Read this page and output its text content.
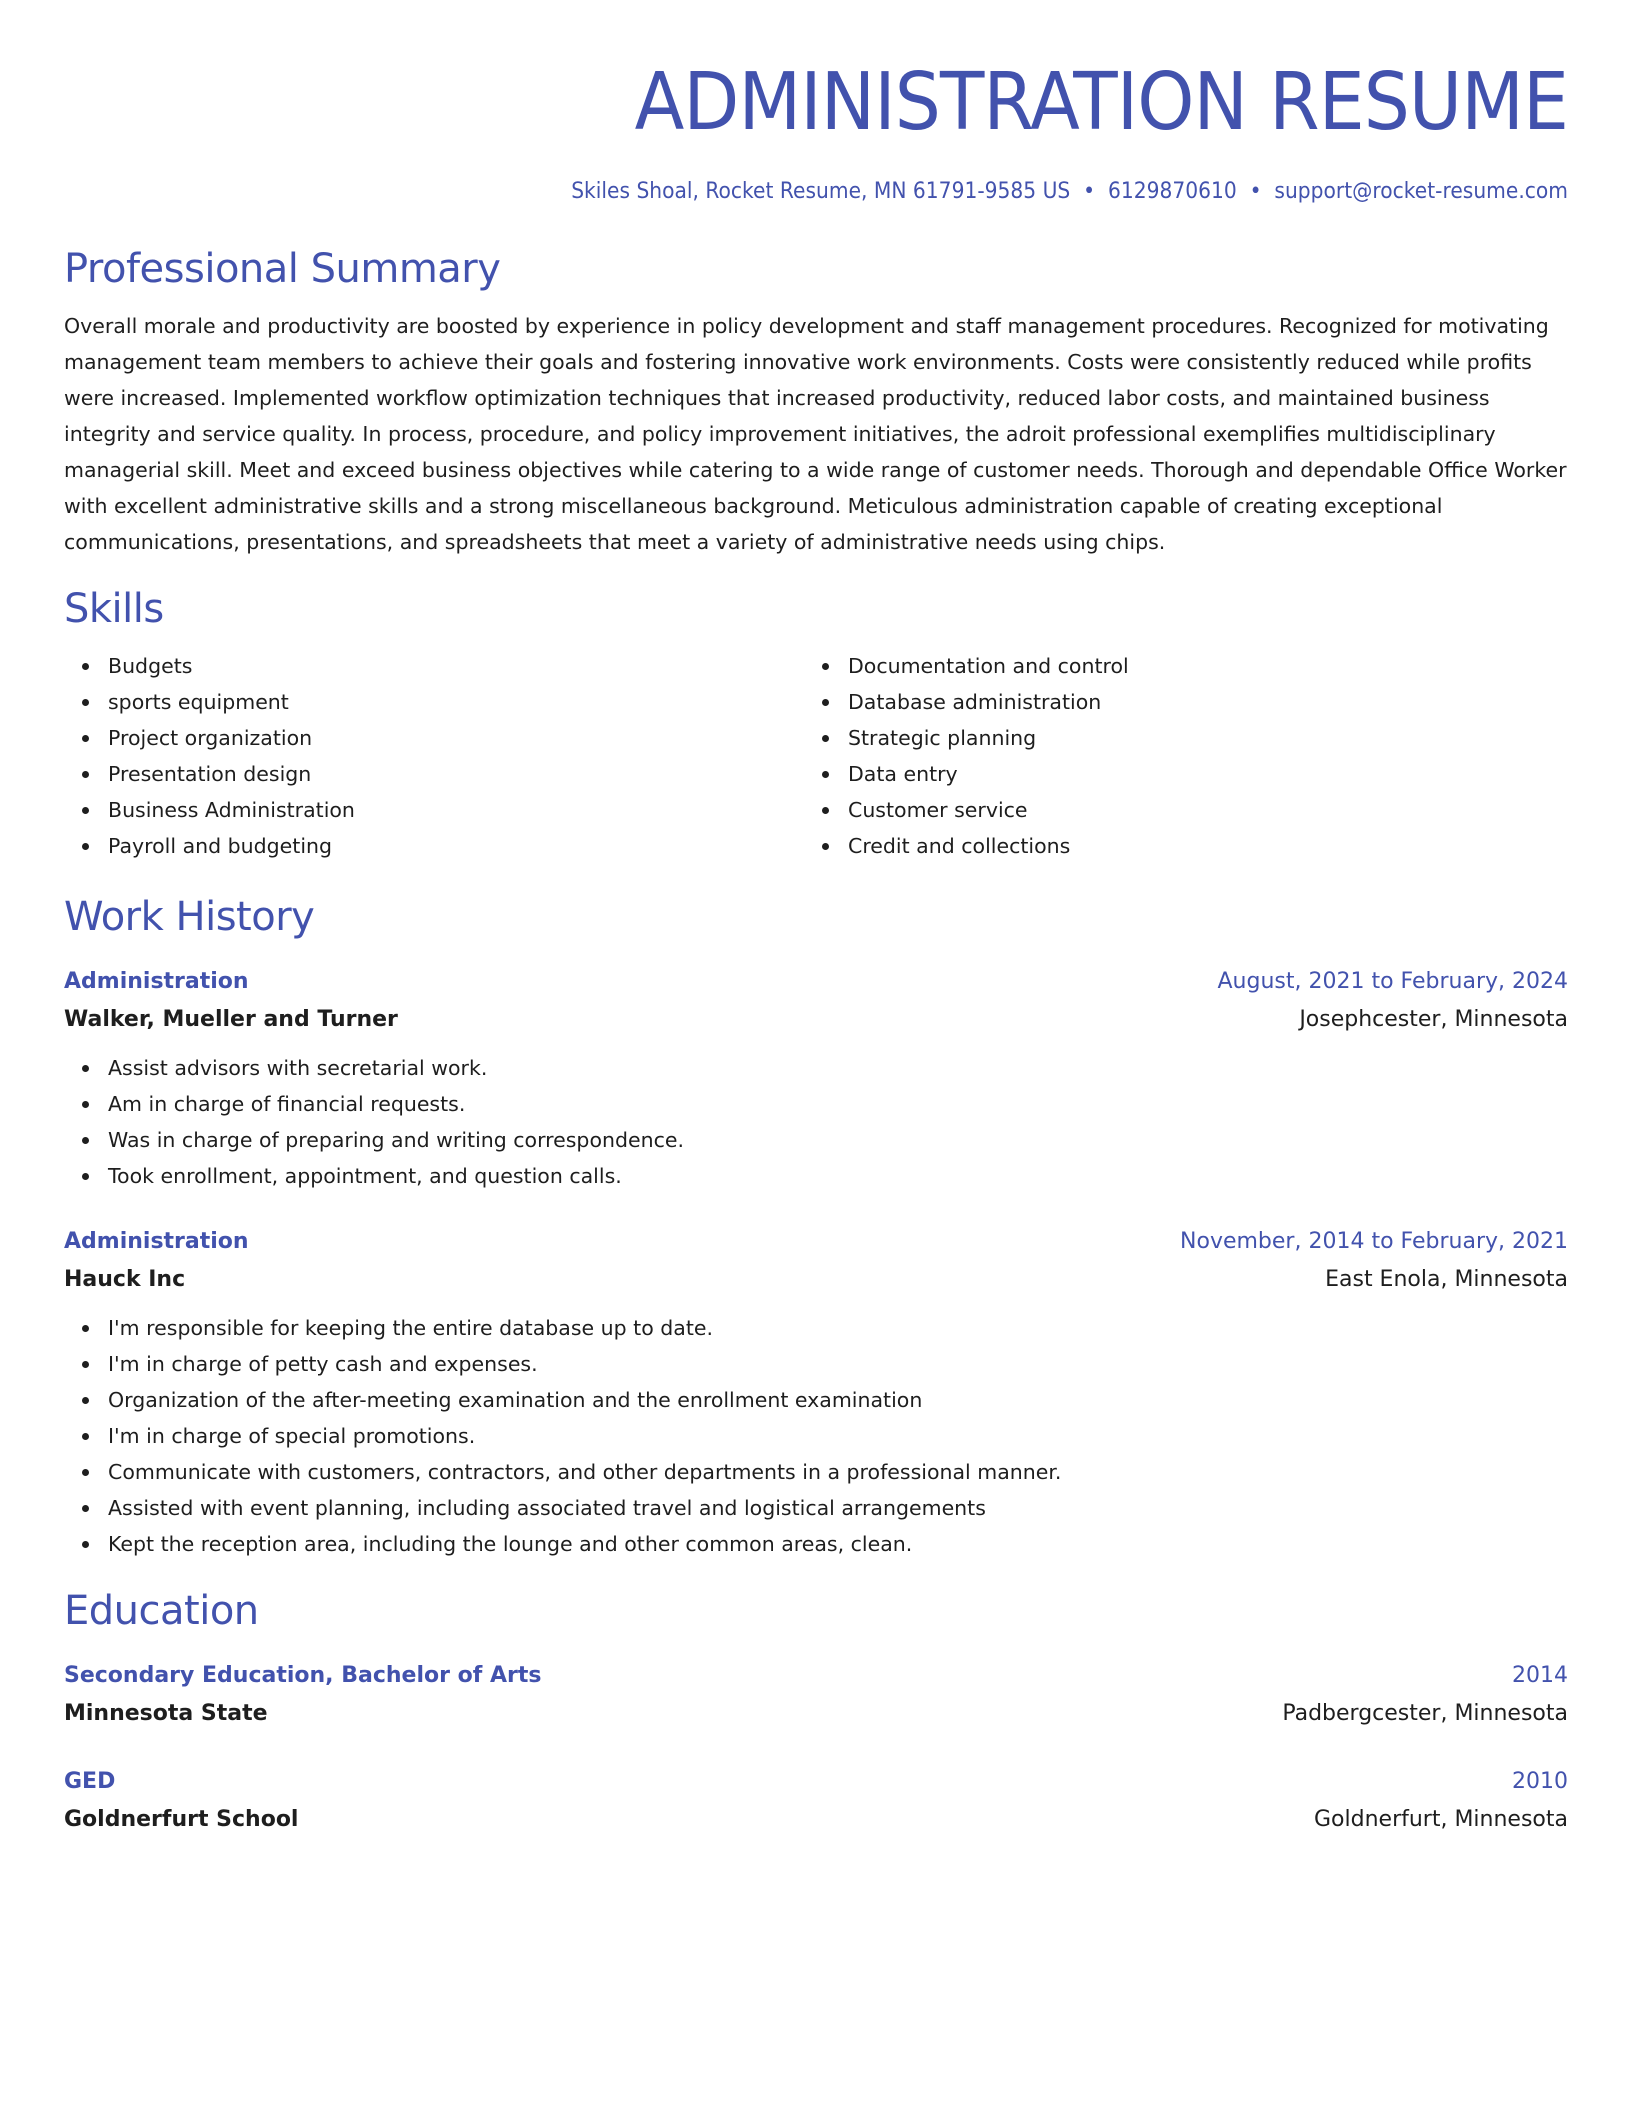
ADMINISTRATION RESUME
Skiles Shoal, Rocket Resume, MN 61791-9585 US • 6129870610 • support@rocket-resume.com
Professional Summary

Overall morale and productivity are boosted by experience in policy development and staff management procedures. Recognized for motivating management team members to achieve their goals and fostering innovative work environments. Costs were consistently reduced while profits were increased. Implemented workflow optimization techniques that increased productivity, reduced labor costs, and maintained business integrity and service quality. In process, procedure, and policy improvement initiatives, the adroit professional exemplifies multidisciplinary managerial skill. Meet and exceed business objectives while catering to a wide range of customer needs. Thorough and dependable Office Worker with excellent administrative skills and a strong miscellaneous background. Meticulous administration capable of creating exceptional communications, presentations, and spreadsheets that meet a variety of administrative needs using chips.

Skills
Budgets
sports equipment
Project organization
Presentation design
Business Administration
Payroll and budgeting
Documentation and control
Database administration
Strategic planning
Data entry
Customer service
Credit and collections
Work History
Administration	August, 2021 to February, 2024
Walker, Mueller and Turner	Josephcester, Minnesota
Assist advisors with secretarial work.
Am in charge of financial requests.
Was in charge of preparing and writing correspondence.
Took enrollment, appointment, and question calls.
Administration	November, 2014 to February, 2021
Hauck Inc	East Enola, Minnesota
I'm responsible for keeping the entire database up to date.
I'm in charge of petty cash and expenses.
Organization of the after-meeting examination and the enrollment examination
I'm in charge of special promotions.
Communicate with customers, contractors, and other departments in a professional manner.
Assisted with event planning, including associated travel and logistical arrangements
Kept the reception area, including the lounge and other common areas, clean.
Education
Secondary Education, Bachelor of Arts	2014
Minnesota State	Padbergcester, Minnesota
GED	2010
Goldnerfurt School	Goldnerfurt, Minnesota
